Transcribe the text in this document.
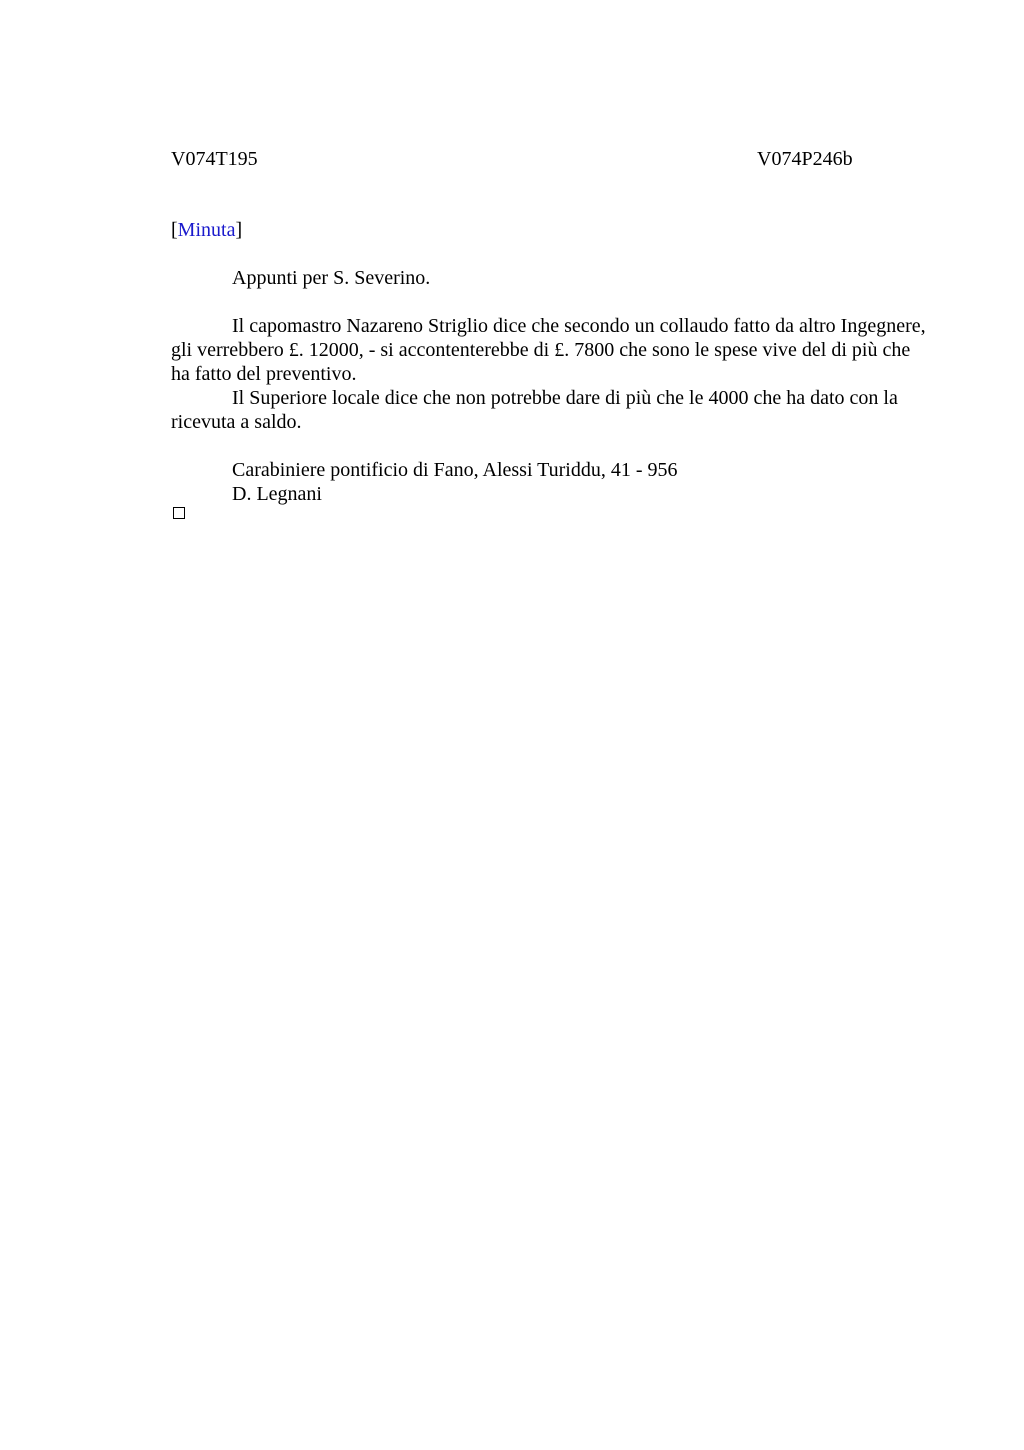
V074T195	V074P246b
[Minuta]

Appunti per S. Severino.

Il capomastro Nazareno Striglio dice che secondo un collaudo fatto da altro Ingegnere, gli verrebbero £. 12000, - si accontenterebbe di £. 7800 che sono le spese vive del di più che ha fatto del preventivo.

Il Superiore locale dice che non potrebbe dare di più che le 4000 che ha dato con la ricevuta a saldo.

Carabiniere pontificio di Fano, Alessi Turiddu, 41 - 956

D. Legnani
